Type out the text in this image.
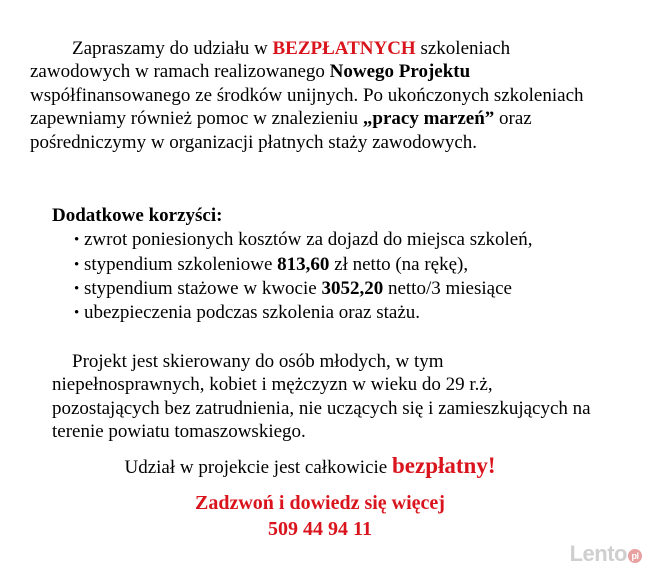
Zapraszamy do udziału w BEZPŁATNYCH szkoleniach zawodowych w ramach realizowanego Nowego Projektu współfinansowanego ze środków unijnych. Po ukończonych szkoleniach zapewniamy również pomoc w znalezieniu „pracy marzeń” oraz pośredniczymy w organizacji płatnych staży zawodowych.

Dodatkowe korzyści:

• zwrot poniesionych kosztów za dojazd do miejsca szkoleń,
• stypendium szkoleniowe 813,60 zł netto (na rękę),
• stypendium stażowe w kwocie 3052,20 netto/3 miesiące
• ubezpieczenia podczas szkolenia oraz stażu.

Projekt jest skierowany do osób młodych, w tym niepełnosprawnych, kobiet i mężczyzn w wieku do 29 r.ż, pozostających bez zatrudnienia, nie uczących się i zamieszkujących na terenie powiatu tomaszowskiego.

Udział w projekcie jest całkowicie bezpłatny!

Zadzwoń i dowiedz się więcej
509 44 94 11
Lento pl
